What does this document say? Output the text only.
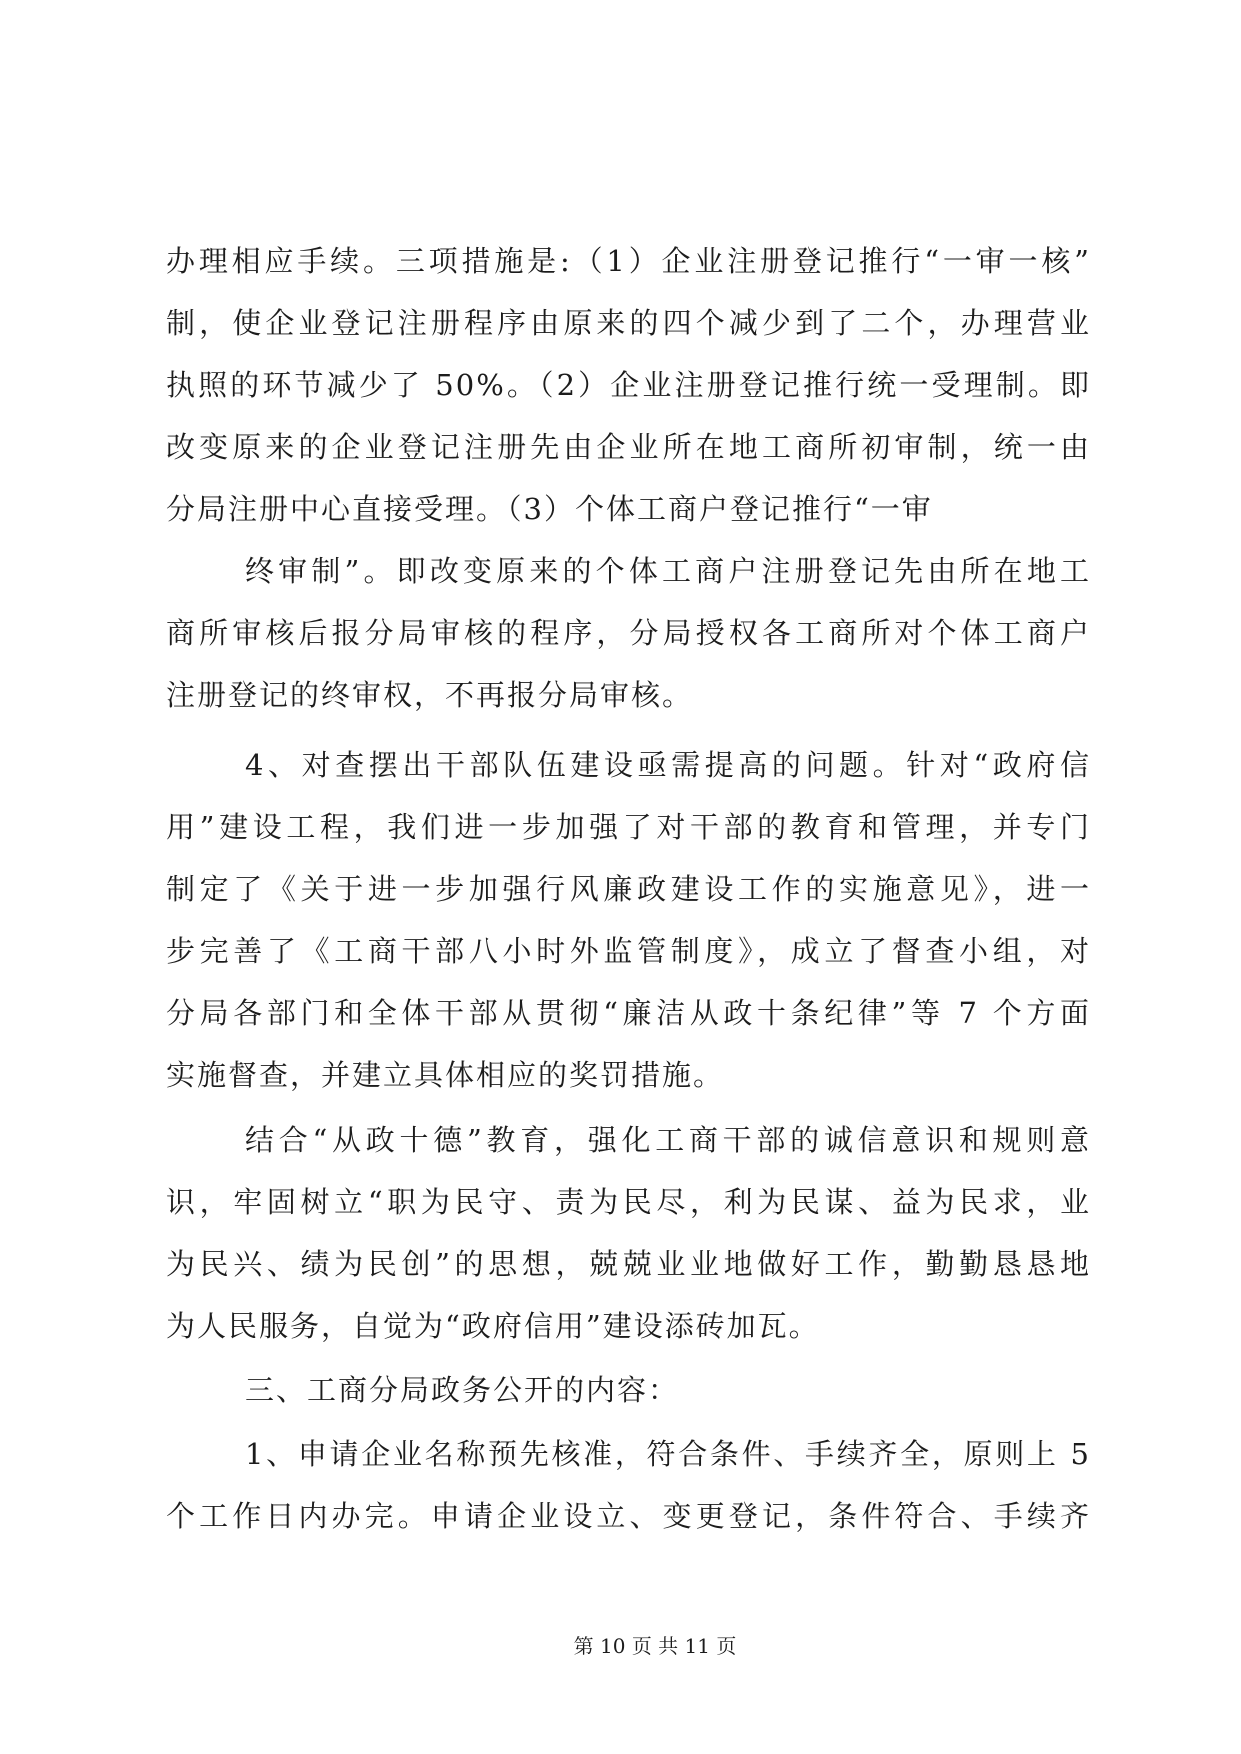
办理相应手续。三项措施是:（1）企业注册登记推行“一审一核”
制，使企业登记注册程序由原来的四个减少到了二个，办理营业
执照的环节减少了 50%。（2）企业注册登记推行统一受理制。即
改变原来的企业登记注册先由企业所在地工商所初审制，统一由
分局注册中心直接受理。（3）个体工商户登记推行“一审
终审制”。即改变原来的个体工商户注册登记先由所在地工
商所审核后报分局审核的程序，分局授权各工商所对个体工商户
注册登记的终审权，不再报分局审核。
4、对查摆出干部队伍建设亟需提高的问题。针对“政府信
用”建设工程，我们进一步加强了对干部的教育和管理，并专门
制定了《关于进一步加强行风廉政建设工作的实施意见》，进一
步完善了《工商干部八小时外监管制度》，成立了督查小组，对
分局各部门和全体干部从贯彻“廉洁从政十条纪律”等 7 个方面
实施督查，并建立具体相应的奖罚措施。
结合“从政十德”教育，强化工商干部的诚信意识和规则意
识，牢固树立“职为民守、责为民尽，利为民谋、益为民求，业
为民兴、绩为民创”的思想，兢兢业业地做好工作，勤勤恳恳地
为人民服务，自觉为“政府信用”建设添砖加瓦。
三、工商分局政务公开的内容：
1、申请企业名称预先核准，符合条件、手续齐全，原则上 5
个工作日内办完。申请企业设立、变更登记，条件符合、手续齐
第 10 页 共 11 页
